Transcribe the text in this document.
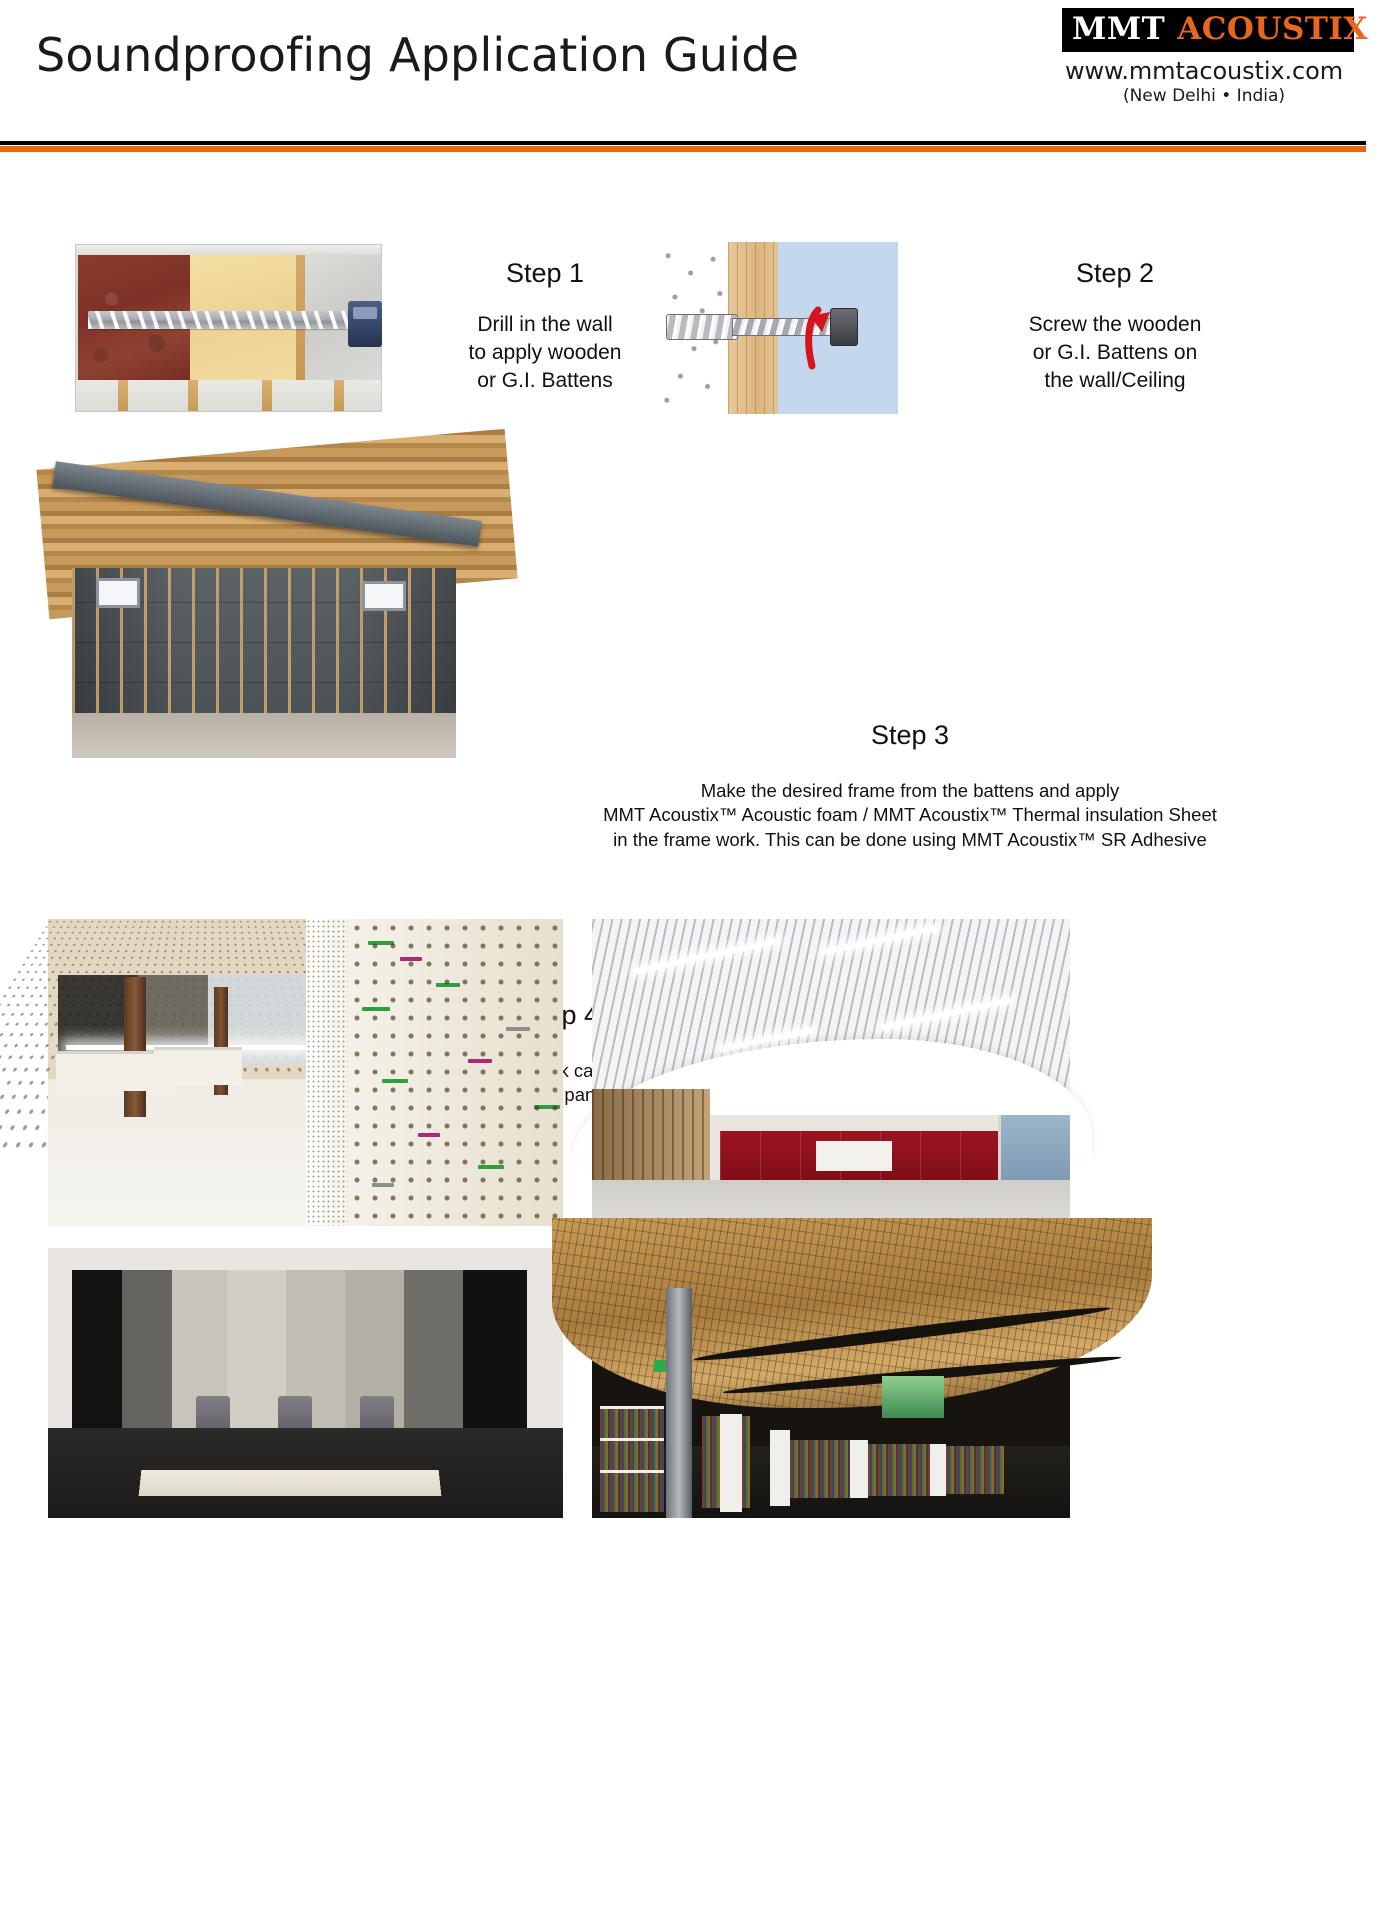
Soundproofing Application Guide	MMT ACOUSTIX™
www.mmtacoustix.com
(New Delhi • India)
Step 1
Drill in the wall
to apply wooden
or G.I. Battens
Step 2
Screw the wooden
or G.I. Battens on
the wall/Ceiling
Step 3
Make the desired frame from the battens and apply
MMT Acoustix™ Acoustic foam / MMT Acoustix™ Thermal insulation Sheet
in the frame work. This can be done using MMT Acoustix™ SR Adhesive
can
